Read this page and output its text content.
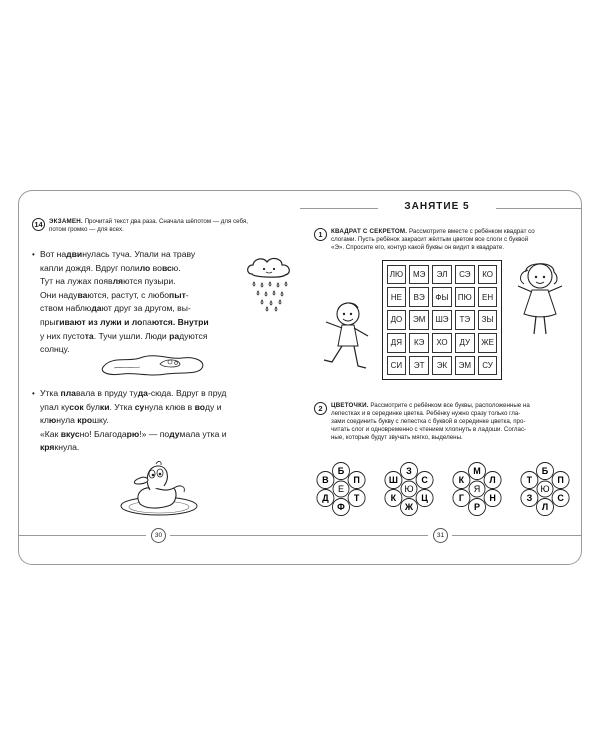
14	ЭКЗАМЕН. Прочитай текст два раза. Сначала шёпотом — для себя,
потом громко — для всех.
• Вот надвинулась туча. Упали на траву
капли дождя. Вдруг полило вовсю.
Тут на лужах появляются пузыри.
Они надуваются, растут, с любопыт-
ством наблюдают друг за другом, вы-
прыгивают из лужи и лопаются. Внутри
у них пустота. Тучи ушли. Люди радуются
солнцу.
• Утка плавала в пруду туда-сюда. Вдруг в пруд
упал кусок булки. Утка сунула клюв в воду и
клюнула крошку.
«Как вкусно! Благодарю!» — подумала утка и
крякнула.
30
ЗАНЯТИЕ 5
1	КВАДРАТ С СЕКРЕТОМ. Рассмотрите вместе с ребёнком квадрат со
слогами. Пусть ребёнок закрасит жёлтым цветом все слоги с буквой
«Э». Спросите его, контур какой буквы он видит в квадрате.
ЛЮ	МЭ	ЭЛ	СЭ	КО
НЕ	ВЭ	ФЫ	ПЮ	ЕН
ДО	ЭМ	ШЭ	ТЭ	ЗЫ
ДЯ	КЭ	ХО	ДУ	ЖЕ
СИ	ЭТ	ЭК	ЭМ	СУ
2	ЦВЕТОЧКИ. Рассмотрите с ребёнком все буквы, расположенные на
лепестках и в серединке цветка. Ребёнку нужно сразу только гла-
зами соединить букву с лепестка с буквой в серединке цветка, про-
читать слог и одновременно с чтением хлопнуть в ладоши. Соглас-
ные, которые будут звучать мягко, выделены.
Б
П
Т
Ф
Д
В
Е
З
С
Ц
Ж
К
Ш
Ю
М
Л
Н
Р
Г
К
Я
Б
П
С
Л
З
Т
Ю
31
